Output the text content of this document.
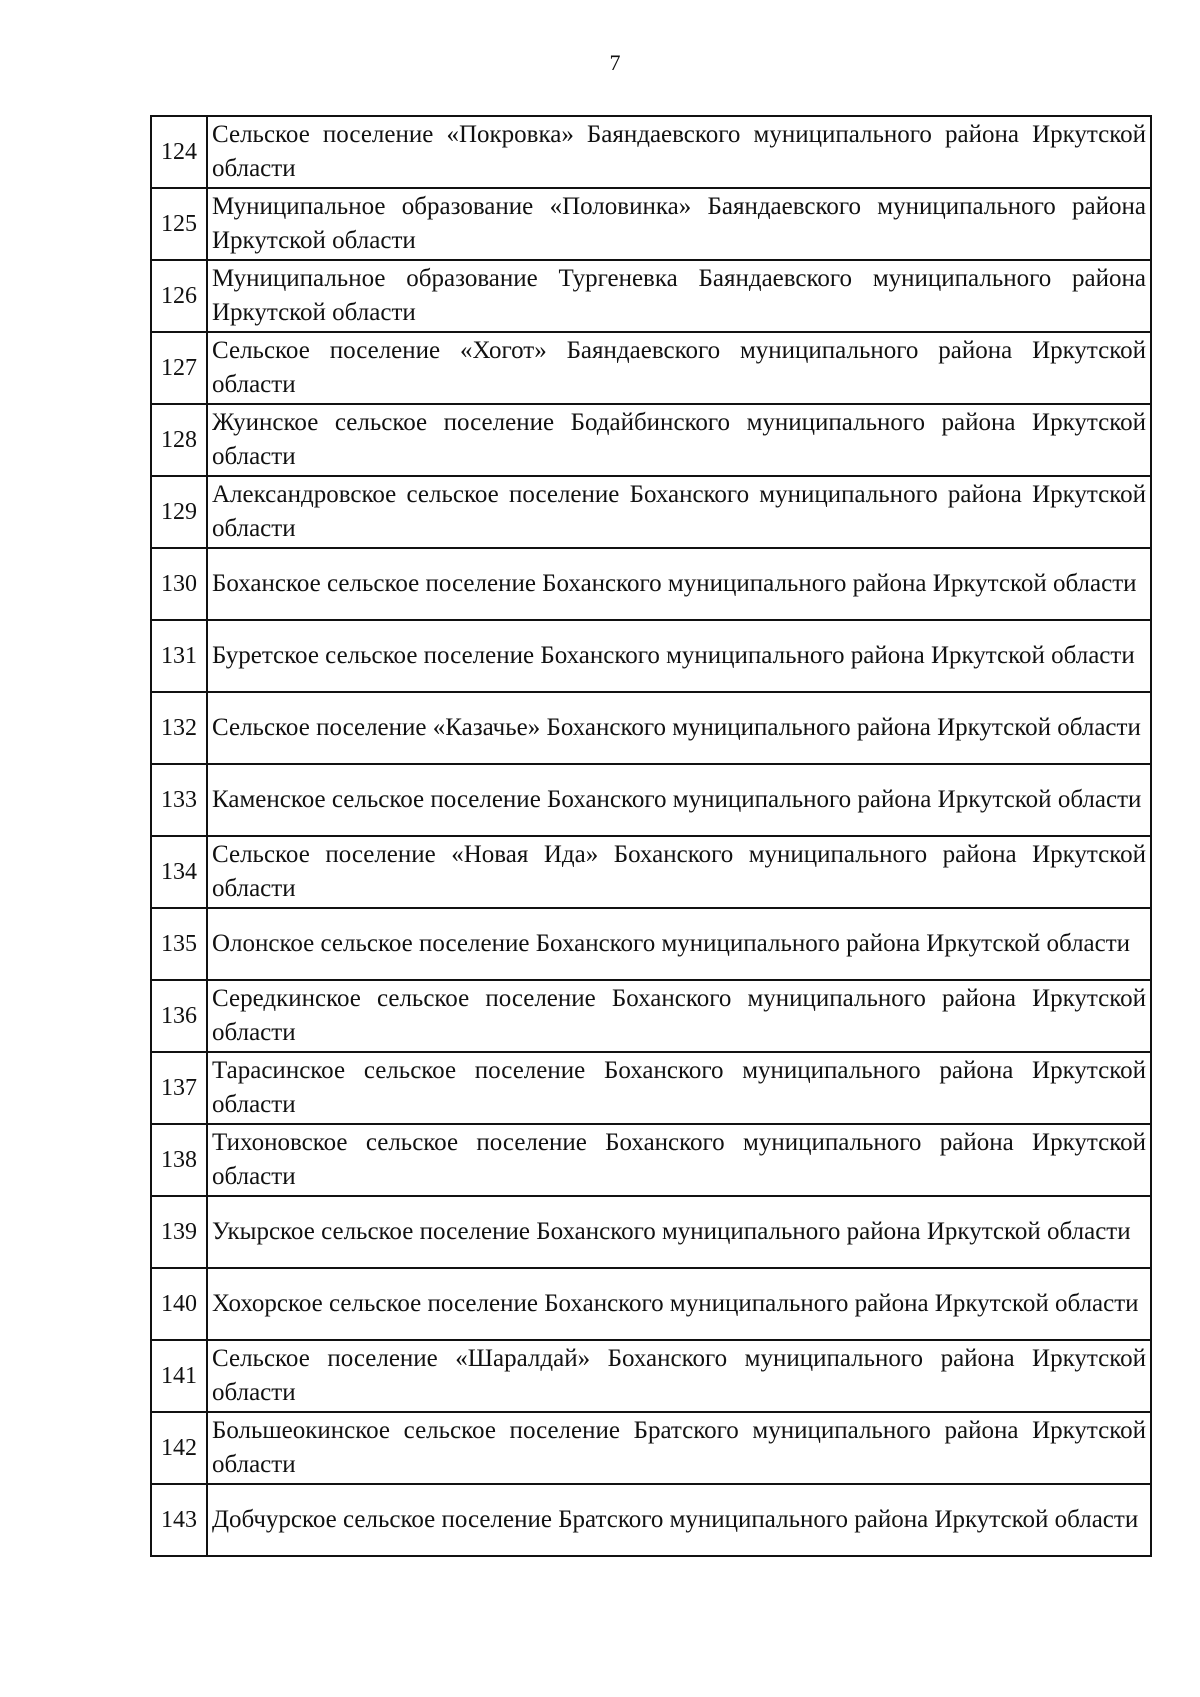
7
124	Сельское поселение «Покровка» Баяндаевского муниципального района Иркутской области
125	Муниципальное образование «Половинка» Баяндаевского муниципального района Иркутской области
126	Муниципальное образование Тургеневка Баяндаевского муниципального района Иркутской области
127	Сельское поселение «Хогот» Баяндаевского муниципального района Иркутской области
128	Жуинское сельское поселение Бодайбинского муниципального района Иркутской области
129	Александровское сельское поселение Боханского муниципального района Иркутской области
130	Боханское сельское поселение Боханского муниципального района Иркутской области
131	Буретское сельское поселение Боханского муниципального района Иркутской области
132	Сельское поселение «Казачье» Боханского муниципального района Иркутской области
133	Каменское сельское поселение Боханского муниципального района Иркутской области
134	Сельское поселение «Новая Ида» Боханского муниципального района Иркутской области
135	Олонское сельское поселение Боханского муниципального района Иркутской области
136	Середкинское сельское поселение Боханского муниципального района Иркутской области
137	Тарасинское сельское поселение Боханского муниципального района Иркутской области
138	Тихоновское сельское поселение Боханского муниципального района Иркутской области
139	Укырское сельское поселение Боханского муниципального района Иркутской области
140	Хохорское сельское поселение Боханского муниципального района Иркутской области
141	Сельское поселение «Шаралдай» Боханского муниципального района Иркутской области
142	Большеокинское сельское поселение Братского муниципального района Иркутской области
143	Добчурское сельское поселение Братского муниципального района Иркутской области
